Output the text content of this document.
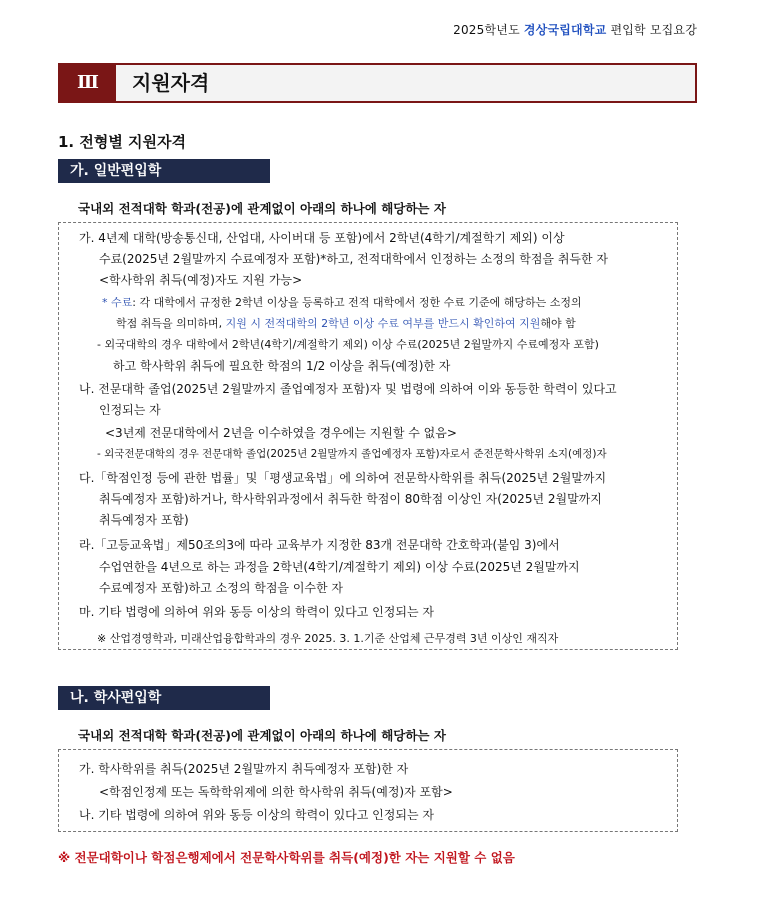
2025학년도 경상국립대학교 편입학 모집요강
Ⅲ	지원자격
1. 전형별 지원자격
가. 일반편입학
국내외 전적대학 학과(전공)에 관계없이 아래의 하나에 해당하는 자
가. 4년제 대학(방송통신대, 산업대, 사이버대 등 포함)에서 2학년(4학기/계절학기 제외) 이상
수료(2025년 2월말까지 수료예정자 포함)*하고, 전적대학에서 인정하는 소정의 학점을 취득한 자
<학사학위 취득(예정)자도 지원 가능>
* 수료: 각 대학에서 규정한 2학년 이상을 등록하고 전적 대학에서 정한 수료 기준에 해당하는 소정의
학점 취득을 의미하며, 지원 시 전적대학의 2학년 이상 수료 여부를 반드시 확인하여 지원해야 함
- 외국대학의 경우 대학에서 2학년(4학기/계절학기 제외) 이상 수료(2025년 2월말까지 수료예정자 포함)
하고 학사학위 취득에 필요한 학점의 1/2 이상을 취득(예정)한 자
나. 전문대학 졸업(2025년 2월말까지 졸업예정자 포함)자 및 법령에 의하여 이와 동등한 학력이 있다고
인정되는 자
<3년제 전문대학에서 2년을 이수하였을 경우에는 지원할 수 없음>
- 외국전문대학의 경우 전문대학 졸업(2025년 2월말까지 졸업예정자 포함)자로서 준전문학사학위 소지(예정)자
다.「학점인정 등에 관한 법률」및「평생교육법」에 의하여 전문학사학위를 취득(2025년 2월말까지
취득예정자 포함)하거나, 학사학위과정에서 취득한 학점이 80학점 이상인 자(2025년 2월말까지
취득예정자 포함)
라.「고등교육법」제50조의3에 따라 교육부가 지정한 83개 전문대학 간호학과(붙임 3)에서
수업연한을 4년으로 하는 과정을 2학년(4학기/계절학기 제외) 이상 수료(2025년 2월말까지
수료예정자 포함)하고 소정의 학점을 이수한 자
마. 기타 법령에 의하여 위와 동등 이상의 학력이 있다고 인정되는 자
※ 산업경영학과, 미래산업융합학과의 경우 2025. 3. 1.기준 산업체 근무경력 3년 이상인 재직자
나. 학사편입학
국내외 전적대학 학과(전공)에 관계없이 아래의 하나에 해당하는 자
가. 학사학위를 취득(2025년 2월말까지 취득예정자 포함)한 자
<학점인정제 또는 독학학위제에 의한 학사학위 취득(예정)자 포함>
나. 기타 법령에 의하여 위와 동등 이상의 학력이 있다고 인정되는 자
※ 전문대학이나 학점은행제에서 전문학사학위를 취득(예정)한 자는 지원할 수 없음
